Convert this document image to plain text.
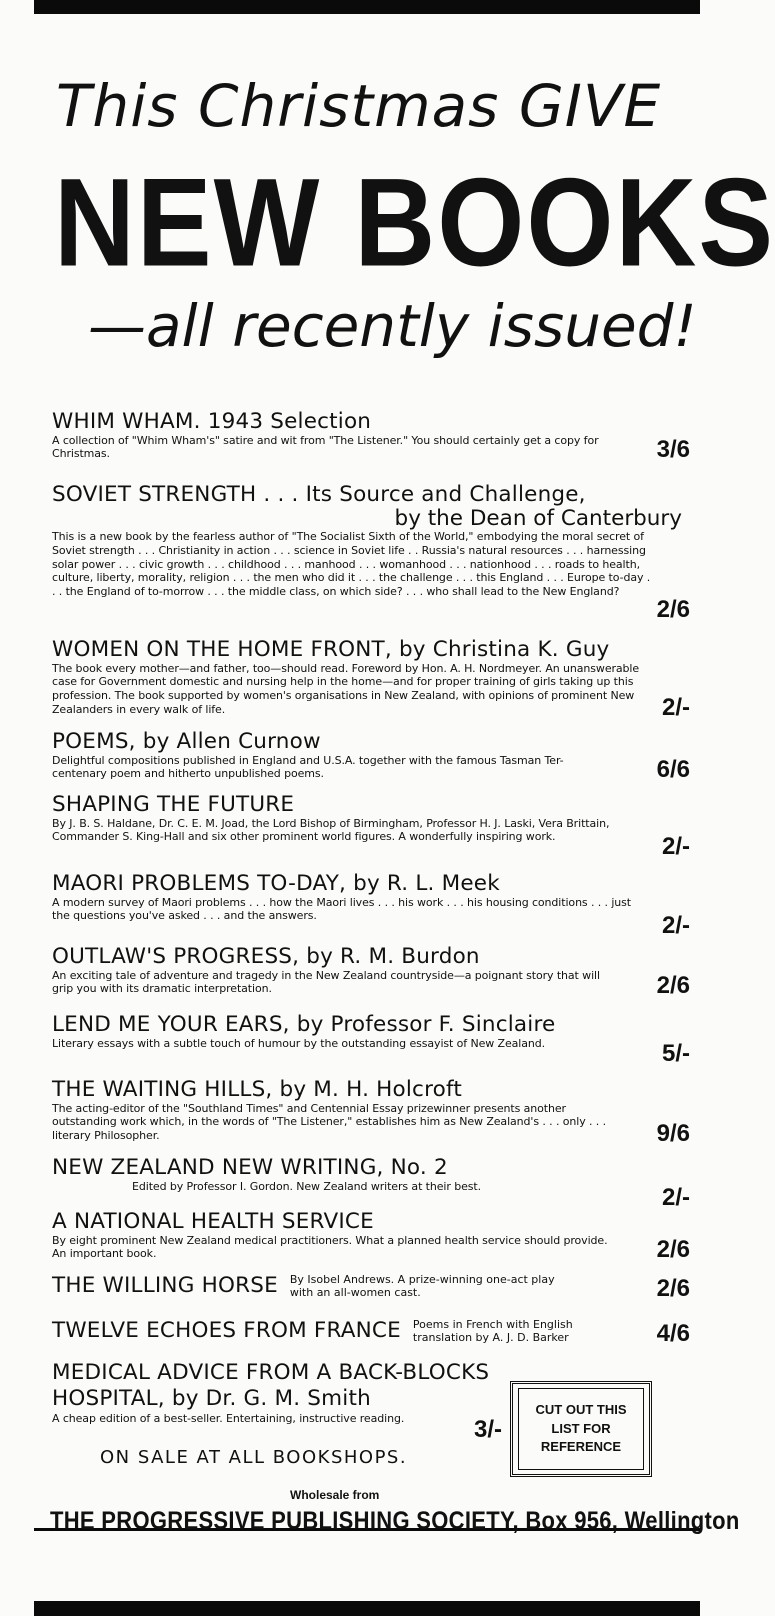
This Christmas GIVE
NEW BOOKS
—all recently issued!
WHIM WHAM. 1943 Selection
A collection of "Whim Wham's" satire and wit from "The Listener." You should certainly get a copy for Christmas.	3/6
SOVIET STRENGTH . . . Its Source and Challenge,
by the Dean of Canterbury
This is a new book by the fearless author of "The Socialist Sixth of the World," embodying the moral secret of Soviet strength . . . Christianity in action . . . science in Soviet life . . Russia's natural resources . . . harnessing solar power . . . civic growth . . . childhood . . . manhood . . . womanhood . . . nationhood . . . roads to health, culture, liberty, morality, religion . . . the men who did it . . . the challenge . . . this England . . . Europe to-day . . . the England of to-morrow . . . the middle class, on which side? . . . who shall lead to the New England?
2/6
WOMEN ON THE HOME FRONT, by Christina K. Guy
The book every mother—and father, too—should read. Foreword by Hon. A. H. Nordmeyer. An unanswerable case for Government domestic and nursing help in the home—and for proper training of girls taking up this profession. The book supported by women's organisations in New Zealand, with opinions of prominent New Zealanders in every walk of life.	2/-
POEMS, by Allen Curnow
Delightful compositions published in England and U.S.A. together with the famous Tasman Ter-centenary poem and hitherto unpublished poems.	6/6
SHAPING THE FUTURE
By J. B. S. Haldane, Dr. C. E. M. Joad, the Lord Bishop of Birmingham, Professor H. J. Laski, Vera Brittain, Commander S. King-Hall and six other prominent world figures. A wonderfully inspiring work.	2/-
MAORI PROBLEMS TO-DAY, by R. L. Meek
A modern survey of Maori problems . . . how the Maori lives . . . his work . . . his housing conditions . . . just the questions you've asked . . . and the answers.	2/-
OUTLAW'S PROGRESS, by R. M. Burdon
An exciting tale of adventure and tragedy in the New Zealand countryside—a poignant story that will grip you with its dramatic interpretation.	2/6
LEND ME YOUR EARS, by Professor F. Sinclaire
Literary essays with a subtle touch of humour by the outstanding essayist of New Zealand.	5/-
THE WAITING HILLS, by M. H. Holcroft
The acting-editor of the "Southland Times" and Centennial Essay prizewinner presents another outstanding work which, in the words of "The Listener," establishes him as New Zealand's . . . only . . . literary Philosopher.	9/6
NEW ZEALAND NEW WRITING, No. 2
Edited by Professor I. Gordon. New Zealand writers at their best.	2/-
A NATIONAL HEALTH SERVICE
By eight prominent New Zealand medical practitioners. What a planned health service should provide. An important book.	2/6
THE WILLING HORSE By Isobel Andrews. A prize-winning one-act play with an all-women cast.	2/6
TWELVE ECHOES FROM FRANCE Poems in French with English translation by A. J. D. Barker	4/6
MEDICAL ADVICE FROM A BACK-BLOCKS HOSPITAL, by Dr. G. M. Smith
A cheap edition of a best-seller. Entertaining, instructive reading.	3/-
CUT OUT THIS
LIST FOR
REFERENCE
ON SALE AT ALL BOOKSHOPS.
Wholesale from
THE PROGRESSIVE PUBLISHING SOCIETY, Box 956, Wellington
